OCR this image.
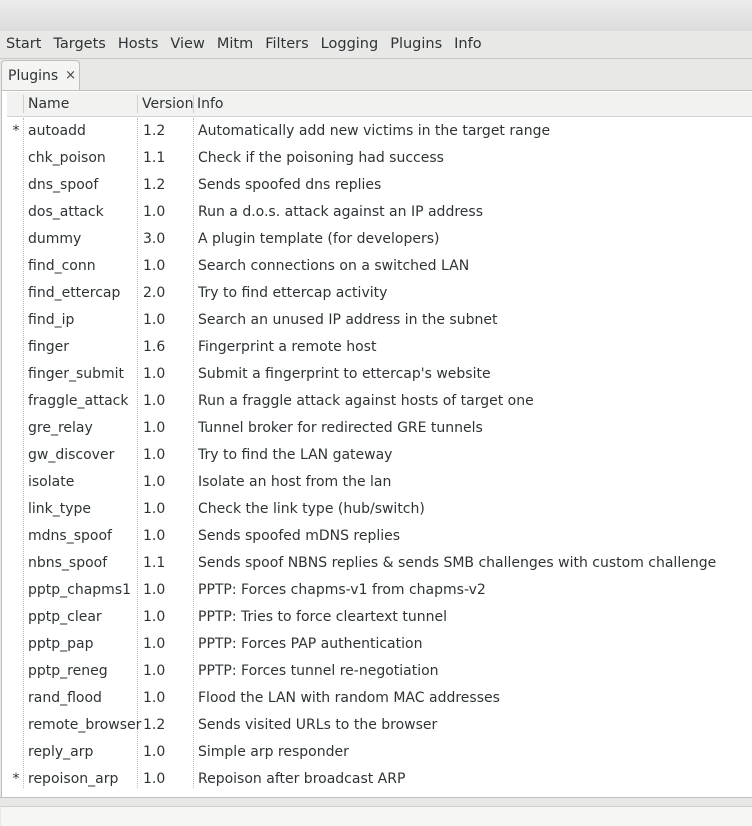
Start Targets Hosts View Mitm Filters Logging Plugins Info
Plugins ×
Name	Version Info
* autoadd	1.2 Automatically add new victims in the target range
chk_poison	1.1 Check if the poisoning had success
dns_spoof	1.2 Sends spoofed dns replies
dos_attack	1.0 Run a d.o.s. attack against an IP address
dummy	3.0 A plugin template (for developers)
find_conn	1.0 Search connections on a switched LAN
find_ettercap 2.0 Try to find ettercap activity
find_ip	1.0 Search an unused IP address in the subnet
finger	1.6 Fingerprint a remote host
finger_submit 1.0 Submit a fingerprint to ettercap's website
fraggle_attack 1.0 Run a fraggle attack against hosts of target one
gre_relay	1.0 Tunnel broker for redirected GRE tunnels
gw_discover 1.0 Try to find the LAN gateway
isolate	1.0 Isolate an host from the lan
link_type	1.0 Check the link type (hub/switch)
mdns_spoof 1.0 Sends spoofed mDNS replies
nbns_spoof	1.1 Sends spoof NBNS replies & sends SMB challenges with custom challenge
pptp_chapms1 1.0 PPTP: Forces chapms-v1 from chapms-v2
pptp_clear	1.0 PPTP: Tries to force cleartext tunnel
pptp_pap	1.0 PPTP: Forces PAP authentication
pptp_reneg	1.0 PPTP: Forces tunnel re-negotiation
rand_flood	1.0 Flood the LAN with random MAC addresses
remote_browser 1.2 Sends visited URLs to the browser
reply_arp	1.0 Simple arp responder
* repoison_arp 1.0 Repoison after broadcast ARP
